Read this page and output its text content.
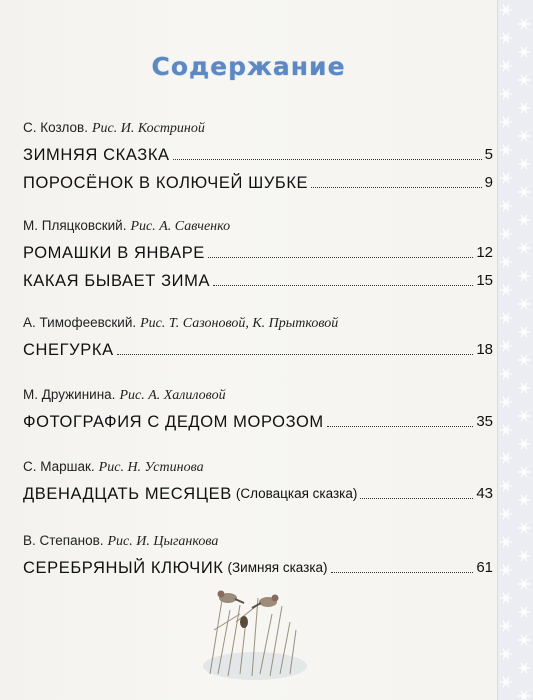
Содержание
С. Козлов. Рис. И. Костриной
ЗИМНЯЯ СКАЗКА	5
ПОРОСЁНОК В КОЛЮЧЕЙ ШУБКЕ	9
М. Пляцковский. Рис. А. Савченко
РОМАШКИ В ЯНВАРЕ	12
КАКАЯ БЫВАЕТ ЗИМА	15
А. Тимофеевский. Рис. Т. Сазоновой, К. Прытковой
СНЕГУРКА	18
М. Дружинина. Рис. А. Халиловой
ФОТОГРАФИЯ С ДЕДОМ МОРОЗОМ	35
С. Маршак. Рис. Н. Устинова
ДВЕНАДЦАТЬ МЕСЯЦЕВ (Словацкая сказка)	43
В. Степанов. Рис. И. Цыганкова
СЕРЕБРЯНЫЙ КЛЮЧИК (Зимняя сказка)	61
